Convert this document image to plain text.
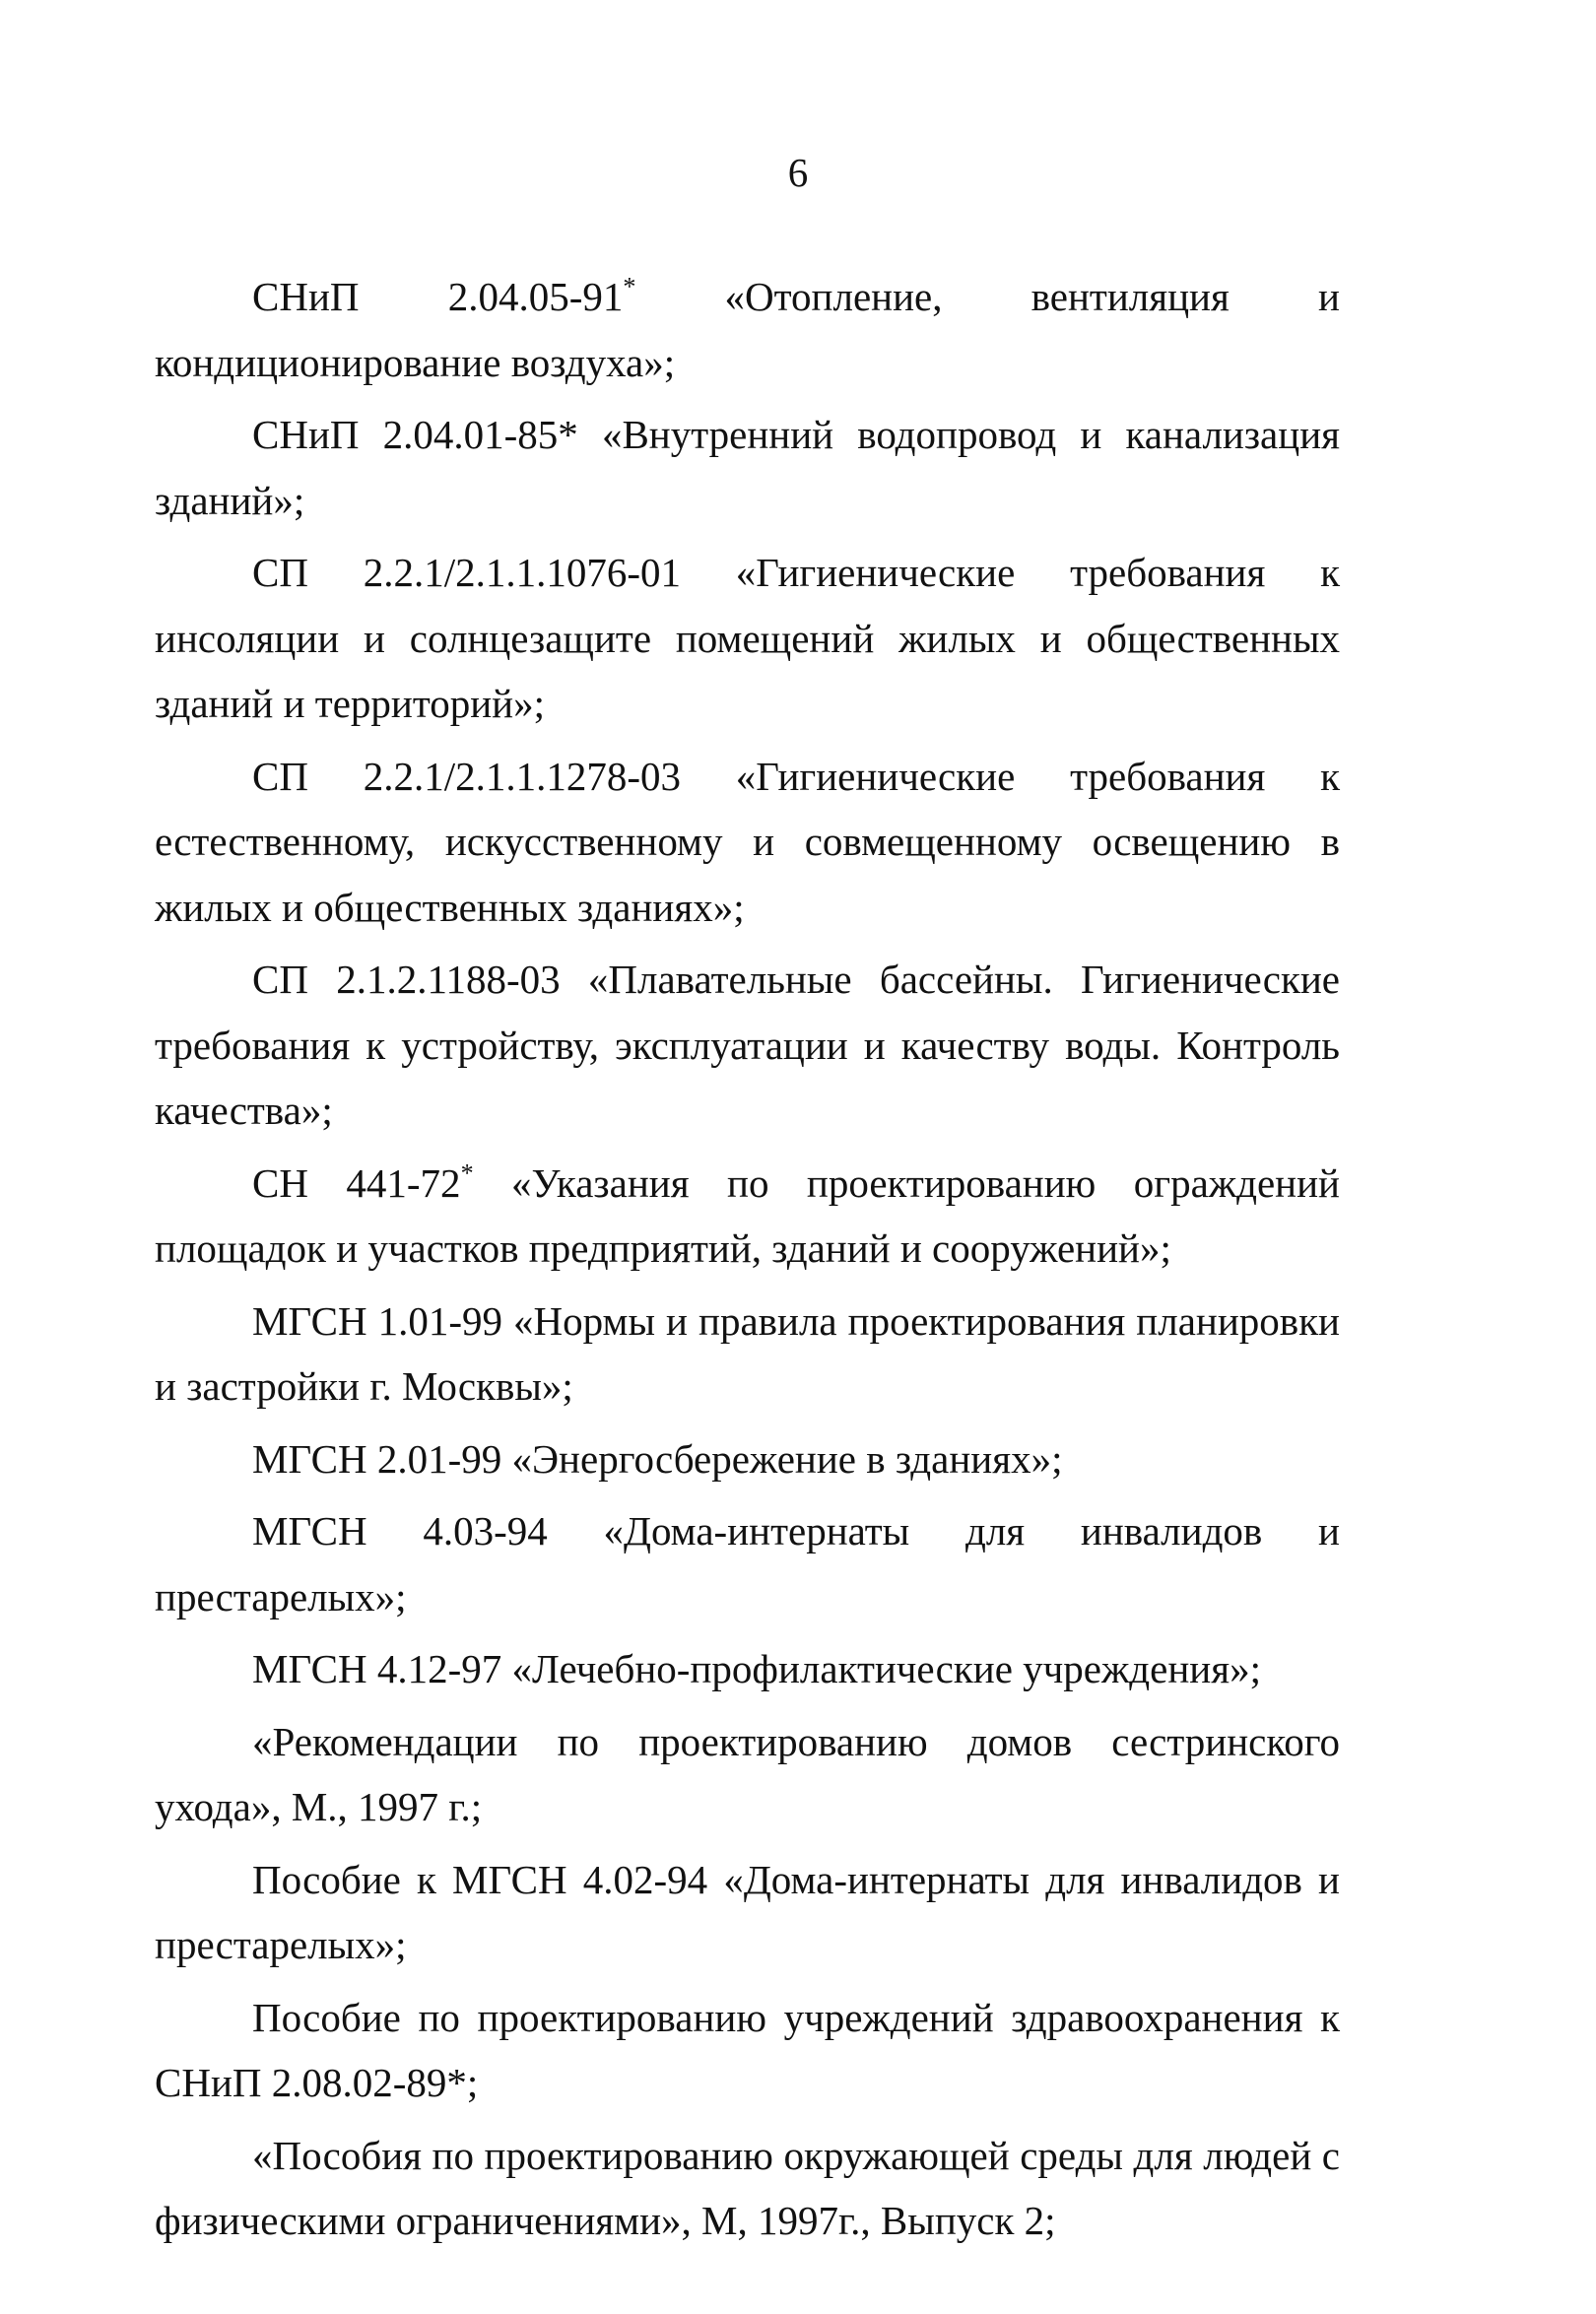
6

СНиП 2.04.05-91* «Отопление, вентиляция и кондиционирование воздуха»;

СНиП 2.04.01-85* «Внутренний водопровод и канализация зданий»;

СП 2.2.1/2.1.1.1076-01 «Гигиенические требования к инсоляции и солнцезащите помещений жилых и общественных зданий и территорий»;

СП 2.2.1/2.1.1.1278-03 «Гигиенические требования к естественному, искусственному и совмещенному освещению в жилых и общественных зданиях»;

СП 2.1.2.1188-03 «Плавательные бассейны. Гигиенические требования к устройству, эксплуатации и качеству воды. Контроль качества»;

СН 441-72* «Указания по проектированию ограждений площадок и участков предприятий, зданий и сооружений»;

МГСН 1.01-99 «Нормы и правила проектирования планировки и застройки г. Москвы»;

МГСН 2.01-99 «Энергосбережение в зданиях»;

МГСН 4.03-94 «Дома-интернаты для инвалидов и престарелых»;

МГСН 4.12-97 «Лечебно-профилактические учреждения»;

«Рекомендации по проектированию домов сестринского ухода», М., 1997 г.;

Пособие к МГСН 4.02-94 «Дома-интернаты для инвалидов и престарелых»;

Пособие по проектированию учреждений здравоохранения к СНиП 2.08.02-89*;

«Пособия по проектированию окружающей среды для людей с физическими ограничениями», М, 1997г., Выпуск 2;
